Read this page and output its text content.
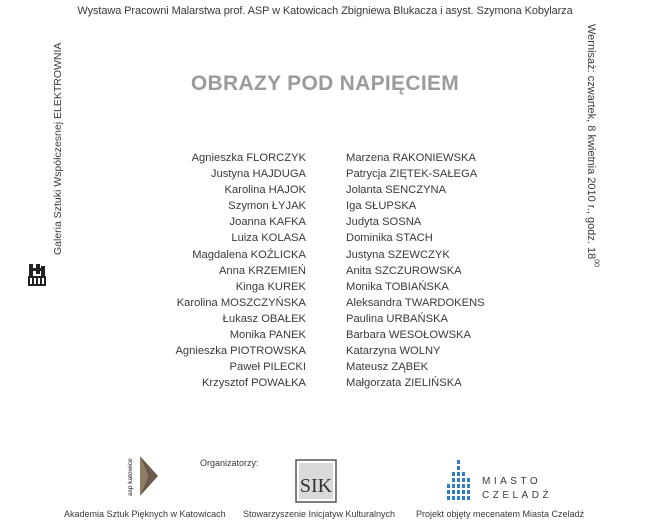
Wystawa Pracowni Malarstwa prof. ASP w Katowicach Zbigniewa Blukacza i asyst. Szymona Kobylarza
Galeria Sztuki Współczesnej ELEKTROWNIA	Wernisaż: czwartek, 8 kwietnia 2010 r., godz. $18^{00}$
OBRAZY POD NAPIĘCIEM
Agnieszka FLORCZYK
Justyna HAJDUGA
Karolina HAJOK
Szymon ŁYJAK
Joanna KAFKA
Luiza KOLASA
Magdalena KOŹLICKA
Anna KRZEMIEŃ
Kinga KUREK
Karolina MOSZCZYŃSKA
Łukasz OBAŁEK
Monika PANEK
Agnieszka PIOTROWSKA
Paweł PILECKI
Krzysztof POWAŁKA
Marzena RAKONIEWSKA
Patrycja ZIĘTEK-SAŁEGA
Jolanta SENCZYNA
Iga SŁUPSKA
Judyta SOSNA
Dominika STACH
Justyna SZEWCZYK
Anita SZCZUROWSKA
Monika TOBIAŃSKA
Aleksandra TWARDOKENS
Paulina URBAŃSKA
Barbara WESOŁOWSKA
Katarzyna WOLNY
Mateusz ZĄBEK
Małgorzata ZIELIŃSKA
asp katowice	Organizatorzy:
SIK	MIASTO
CZELADŹ
Akademia Sztuk Pięknych w Katowicach Stowarzyszenie Inicjatyw Kulturalnych Projekt objęty mecenatem Miasta Czeladź
